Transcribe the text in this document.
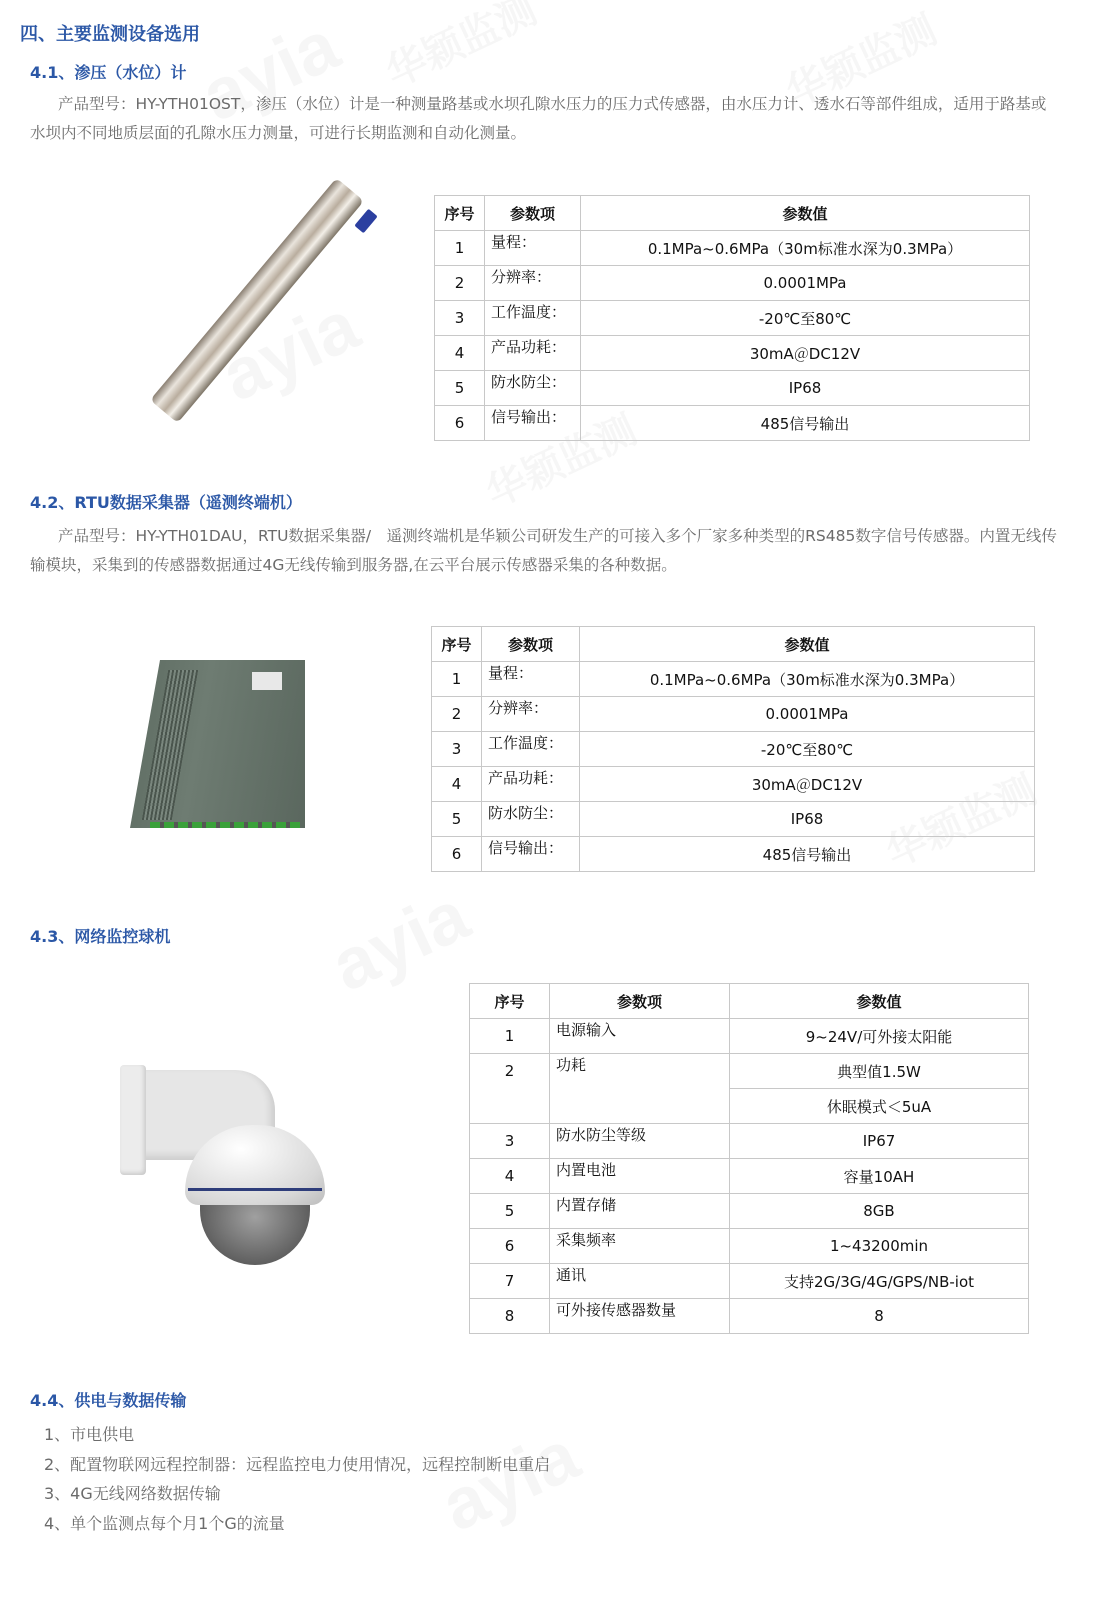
四、主要监测设备选用
4.1、渗压（水位）计

产品型号：HY-YTH01OST，渗压（水位）计是一种测量路基或水坝孔隙水压力的压力式传感器，由水压力计、透水石等部件组成，适用于路基或水坝内不同地质层面的孔隙水压力测量，可进行长期监测和自动化测量。

序号	参数项	参数值
1	量程：	0.1MPa~0.6MPa（30m标准水深为0.3MPa）
2	分辨率：	0.0001MPa
3	工作温度：	-20℃至80℃
4	产品功耗：	30mA＠DC12V
5	防水防尘：	IP68
6	信号输出：	485信号输出
4.2、RTU数据采集器（遥测终端机）

产品型号：HY-YTH01DAU，RTU数据采集器/　遥测终端机是华颖公司研发生产的可接入多个厂家多种类型的RS485数字信号传感器。内置无线传输模块，采集到的传感器数据通过4G无线传输到服务器,在云平台展示传感器采集的各种数据。

序号	参数项	参数值
1	量程：	0.1MPa~0.6MPa（30m标准水深为0.3MPa）
2	分辨率：	0.0001MPa
3	工作温度：	-20℃至80℃
4	产品功耗：	30mA＠DC12V
5	防水防尘：	IP68
6	信号输出：	485信号输出
4.3、网络监控球机
序号	参数项	参数值
1	电源输入	9~24V/可外接太阳能
2	功耗	典型值1.5W
		休眠模式＜5uA
3	防水防尘等级	IP67
4	内置电池	容量10AH
5	内置存储	8GB
6	采集频率	1~43200min
7	通讯	支持2G/3G/4G/GPS/NB-iot
8	可外接传感器数量	8
4.4、供电与数据传输
1、市电供电
2、配置物联网远程控制器：远程监控电力使用情况，远程控制断电重启
3、4G无线网络数据传输
4、单个监测点每个月1个G的流量
